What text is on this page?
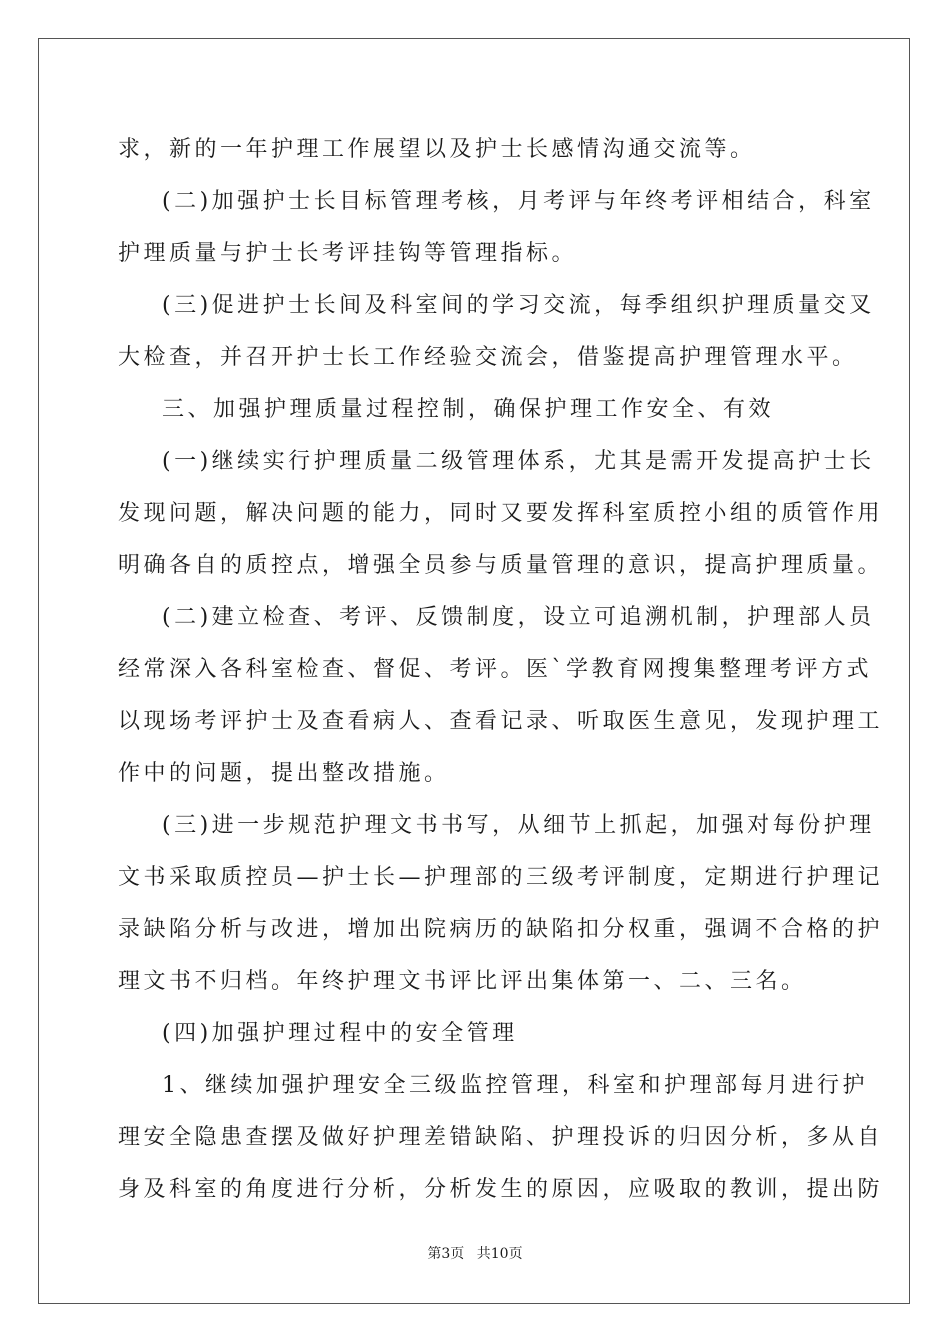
求，新的一年护理工作展望以及护士长感情沟通交流等。
(二)加强护士长目标管理考核，月考评与年终考评相结合，科室
护理质量与护士长考评挂钩等管理指标。
(三)促进护士长间及科室间的学习交流，每季组织护理质量交叉
大检查，并召开护士长工作经验交流会，借鉴提高护理管理水平。
三、加强护理质量过程控制，确保护理工作安全、有效
(一)继续实行护理质量二级管理体系，尤其是需开发提高护士长
发现问题，解决问题的能力，同时又要发挥科室质控小组的质管作用
明确各自的质控点，增强全员参与质量管理的意识，提高护理质量。
(二)建立检查、考评、反馈制度，设立可追溯机制，护理部人员
经常深入各科室检查、督促、考评。医`学教育网搜集整理考评方式
以现场考评护士及查看病人、查看记录、听取医生意见，发现护理工
作中的问题，提出整改措施。
(三)进一步规范护理文书书写，从细节上抓起，加强对每份护理
文书采取质控员—护士长—护理部的三级考评制度，定期进行护理记
录缺陷分析与改进，增加出院病历的缺陷扣分权重，强调不合格的护
理文书不归档。年终护理文书评比评出集体第一、二、三名。
(四)加强护理过程中的安全管理
1、继续加强护理安全三级监控管理，科室和护理部每月进行护
理安全隐患查摆及做好护理差错缺陷、护理投诉的归因分析，多从自
身及科室的角度进行分析，分析发生的原因，应吸取的教训，提出防
第3页 共10页
